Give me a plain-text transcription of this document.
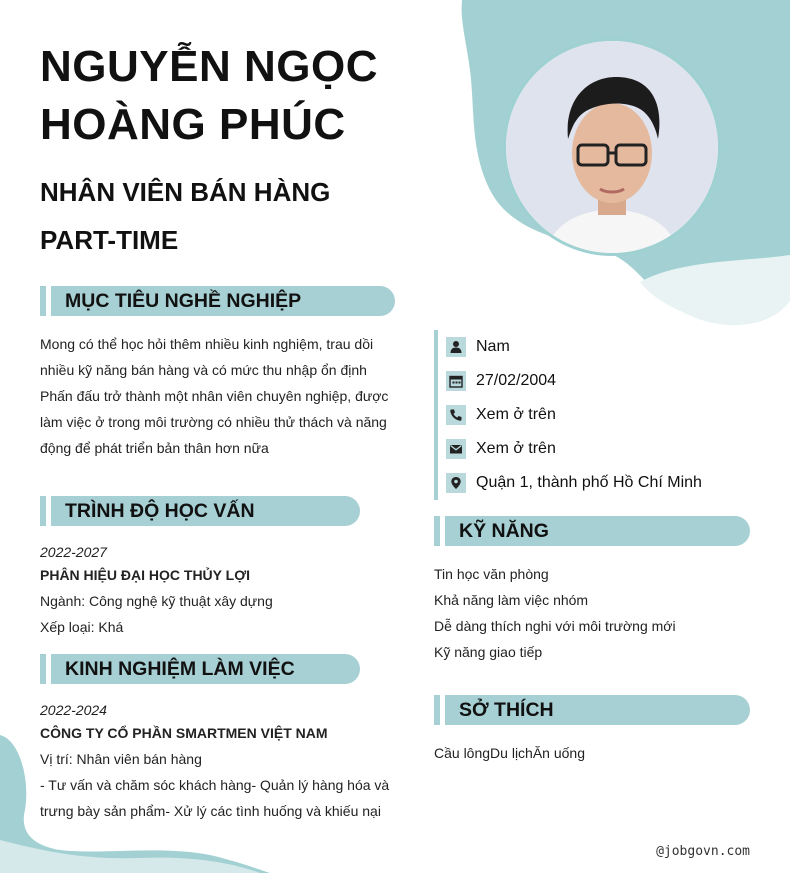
NGUYỄN NGỌC
HOÀNG PHÚC
NHÂN VIÊN BÁN HÀNG
PART-TIME
MỤC TIÊU NGHỀ NGHIỆP
Mong có thể học hỏi thêm nhiều kinh nghiệm, trau dồi
nhiều kỹ năng bán hàng và có mức thu nhập ổn định
Phấn đấu trở thành một nhân viên chuyên nghiệp, được
làm việc ở trong môi trường có nhiều thử thách và năng
động để phát triển bản thân hơn nữa
TRÌNH ĐỘ HỌC VẤN
2022-2027
PHÂN HIỆU ĐẠI HỌC THỦY LỢI
Ngành: Công nghệ kỹ thuật xây dựng
Xếp loại: Khá
KINH NGHIỆM LÀM VIỆC
2022-2024
CÔNG TY CỔ PHẦN SMARTMEN VIỆT NAM
Vị trí: Nhân viên bán hàng
- Tư vấn và chăm sóc khách hàng- Quản lý hàng hóa và
trưng bày sản phẩm- Xử lý các tình huống và khiếu nại
Nam
27/02/2004
Xem ở trên
Xem ở trên
Quận 1, thành phố Hồ Chí Minh
KỸ NĂNG
Tin học văn phòng
Khả năng làm việc nhóm
Dễ dàng thích nghi với môi trường mới
Kỹ năng giao tiếp
SỞ THÍCH
Cầu lôngDu lịchĂn uống
@jobgovn.com
